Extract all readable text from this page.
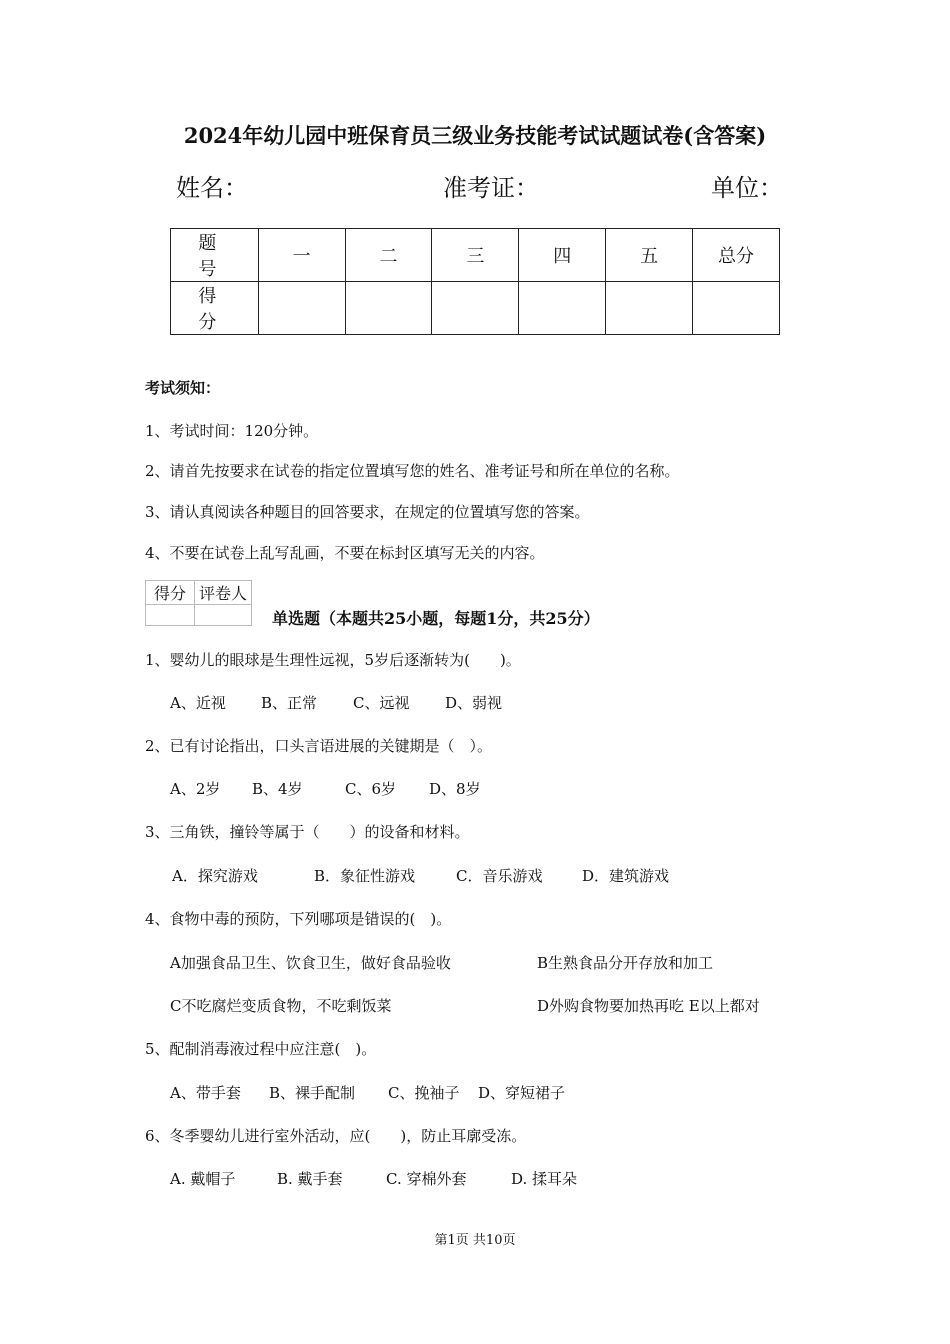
2024年幼儿园中班保育员三级业务技能考试试题试卷(含答案)
姓名：	准考证：	单位：
题　号	一	二	三	四	五	总分
得　分						
考试须知：
1、考试时间：120分钟。
2、请首先按要求在试卷的指定位置填写您的姓名、准考证号和所在单位的名称。
3、请认真阅读各种题目的回答要求，在规定的位置填写您的答案。
4、不要在试卷上乱写乱画，不要在标封区填写无关的内容。
得分	评卷人

单选题（本题共25小题，每题1分，共25分）
1、婴幼儿的眼球是生理性远视，5岁后逐渐转为(　　)。
A、近视 B、正常 C、远视 D、弱视
2、已有讨论指出，口头言语进展的关键期是（　）。
A、2岁 B、4岁	C、6岁 D、8岁
3、三角铁，撞铃等属于（　　）的设备和材料。
A．探究游戏	B．象征性游戏	C．音乐游戏	D．建筑游戏
4、食物中毒的预防，下列哪项是错误的(　)。
A加强食品卫生、饮食卫生，做好食品验收	B生熟食品分开存放和加工
C不吃腐烂变质食物，不吃剩饭菜	D外购食物要加热再吃 E以上都对
5、配制消毒液过程中应注意(　)。
A、带手套 B、裸手配制 C、挽袖子 D、穿短裙子
6、冬季婴幼儿进行室外活动，应(　　)，防止耳廓受冻。
A. 戴帽子	B. 戴手套	C. 穿棉外套	D. 揉耳朵
第1页 共10页
